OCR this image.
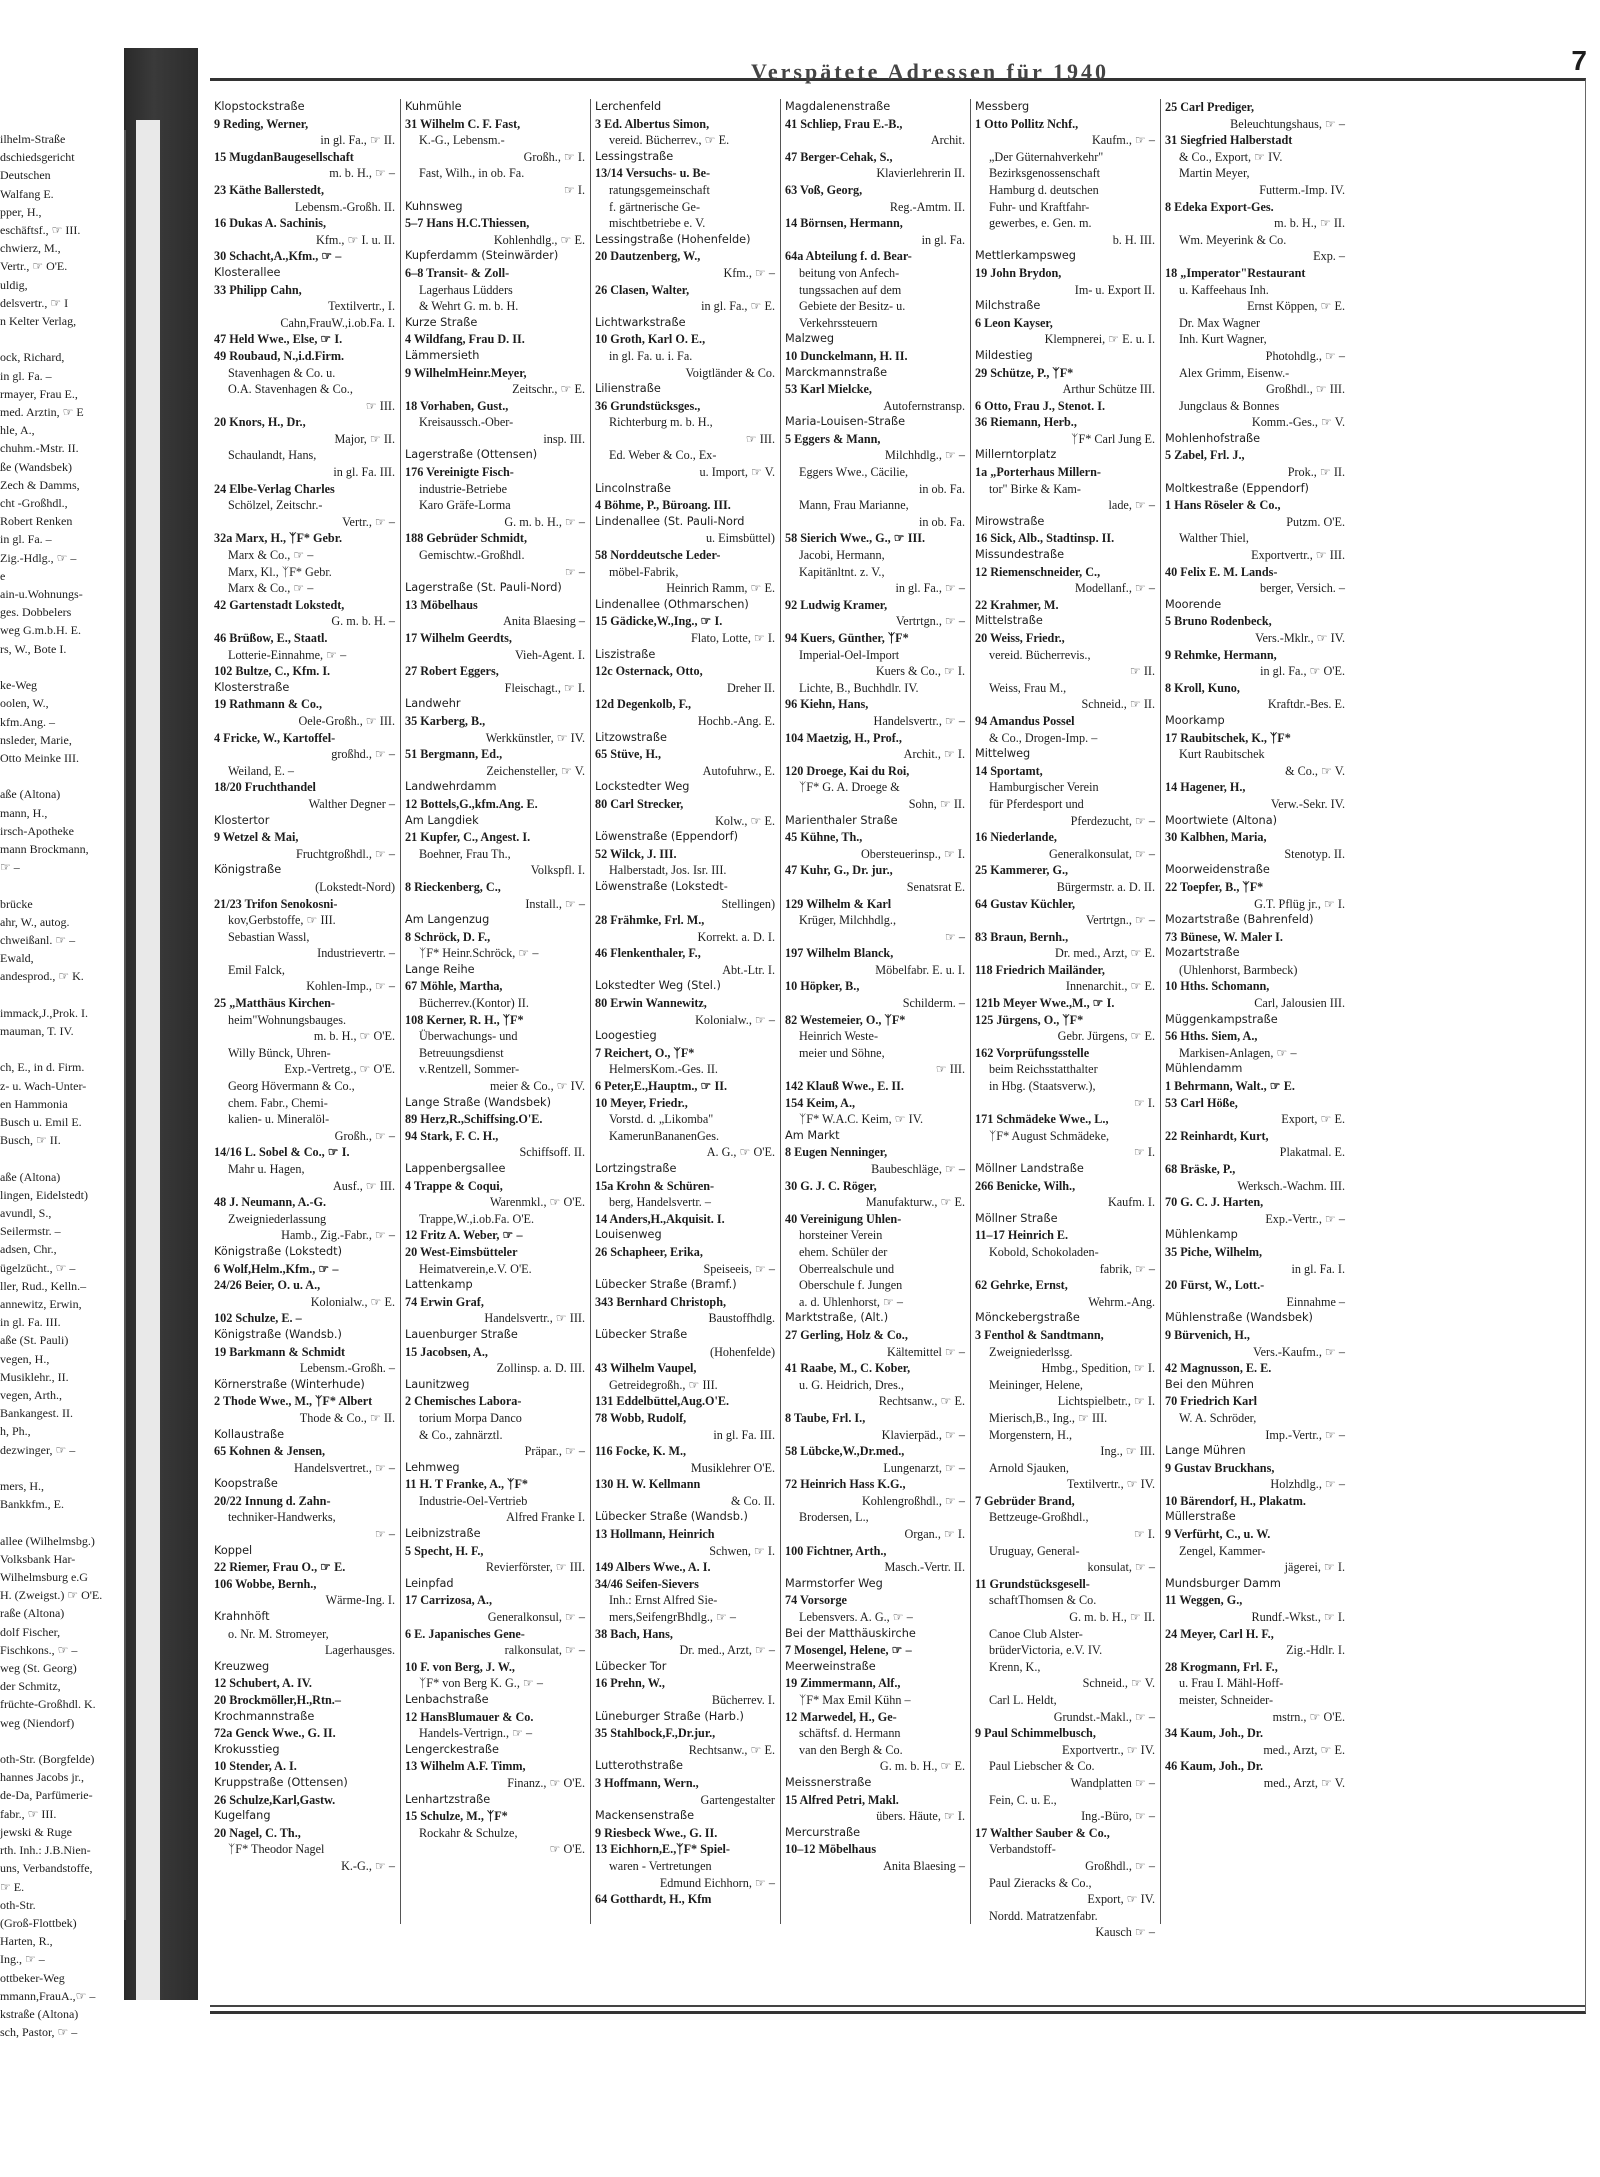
ilhelm-Straße
dschiedsgericht
Deutschen
Walfang E.
pper, H.,
eschäftsf., ☞ III.
chwierz, M.,
Vertr., ☞ O'E.
uldig,
delsvertr., ☞ I
n Kelter Verlag,

ock, Richard,
in gl. Fa. –
rmayer, Frau E.,
med. Arztin, ☞ E
hle, A.,
chuhm.-Mstr. II.
ße (Wandsbek)
Zech & Damms,
cht -Großhdl.,
Robert Renken
in gl. Fa. –
Zig.-Hdlg., ☞ –
e
ain-u.Wohnungs-
ges. Dobbelers
weg G.m.b.H. E.
rs, W., Bote I.

ke-Weg
oolen, W.,
kfm.Ang. –
nsleder, Marie,
Otto Meinke III.

aße (Altona)
mann, H.,
irsch-Apotheke
mann Brockmann,
☞ –

brücke
ahr, W., autog.
chweißanl. ☞ –
Ewald,
andesprod., ☞ K.

immack,J.,Prok. I.
mauman, T. IV.

ch, E., in d. Firm.
z- u. Wach-Unter-
en Hammonia
Busch u. Emil E.
Busch, ☞ II.

aße (Altona)
lingen, Eidelstedt)
avundl, S.,
Seilermstr. –
adsen, Chr.,
ügelzücht., ☞ –
ller, Rud., Kelln.–
annewitz, Erwin,
in gl. Fa. III.
aße (St. Pauli)
vegen, H.,
Musiklehr., II.
vegen, Arth.,
Bankangest. II.
h, Ph.,
dezwinger, ☞ –

mers, H.,
Bankkfm., E.

allee (Wilhelmsbg.)
Volksbank Har-
Wilhelmsburg e.G
H. (Zweigst.) ☞ O'E.
raße (Altona)
dolf Fischer,
Fischkons., ☞ –
weg (St. Georg)
der Schmitz,
früchte-Großhdl. K.
weg (Niendorf)

oth-Str. (Borgfelde)
hannes Jacobs jr.,
de-Da, Parfümerie-
fabr., ☞ III.
jewski & Ruge
rth. Inh.: J.B.Nien-
uns, Verbandstoffe,
☞ E.
oth-Str.
(Groß-Flottbek)
Harten, R.,
Ing., ☞ –
ottbeker-Weg
mmann,FrauA.,☞ –
kstraße (Altona)
sch, Pastor, ☞ –
Verspätete Adressen für 1940	7
Klopstockstraße
9 Reding, Werner,
in gl. Fa., ☞ II.
15 MugdanBaugesellschaft
m. b. H., ☞ –
23 Käthe Ballerstedt,
Lebensm.-Großh. II.
16 Dukas A. Sachinis,
Kfm., ☞ I. u. II.
30 Schacht,A.,Kfm., ☞ –
Klosterallee
33 Philipp Cahn,
Textilvertr., I.
Cahn,FrauW.,i.ob.Fa. I.
47 Held Wwe., Else, ☞ I.
49 Roubaud, N.,i.d.Firm.
Stavenhagen & Co. u.
O.A. Stavenhagen & Co.,
☞ III.
20 Knors, H., Dr.,
Major, ☞ II.
Schaulandt, Hans,
in gl. Fa. III.
24 Elbe-Verlag Charles
Schölzel, Zeitschr.-
Vertr., ☞ –
32a Marx, H., ᛉF* Gebr.
Marx & Co., ☞ –
Marx, Kl., ᛉF* Gebr.
Marx & Co., ☞ –
42 Gartenstadt Lokstedt,
G. m. b. H. –
46 Brüßow, E., Staatl.
Lotterie-Einnahme, ☞ –
102 Bultze, C., Kfm. I.
Klosterstraße
19 Rathmann & Co.,
Oele-Großh., ☞ III.
4 Fricke, W., Kartoffel-
großhd., ☞ –
Weiland, E. –
18/20 Fruchthandel
Walther Degner –
Klostertor
9 Wetzel & Mai,
Fruchtgroßhdl., ☞ –
Königstraße
(Lokstedt-Nord)
21/23 Trifon Senokosni-
kov,Gerbstoffe, ☞ III.
Sebastian Wassl,
Industrievertr. –
Emil Falck,
Kohlen-Imp., ☞ –
25 „Matthäus Kirchen-
heim"Wohnungsbauges.
m. b. H., ☞ O'E.
Willy Bünck, Uhren-
Exp.-Vertretg., ☞ O'E.
Georg Hövermann & Co.,
chem. Fabr., Chemi-
kalien- u. Mineralöl-
Großh., ☞ –
14/16 L. Sobel & Co., ☞ I.
Mahr u. Hagen,
Ausf., ☞ III.
48 J. Neumann, A.-G.
Zweigniederlassung
Hamb., Zig.-Fabr., ☞ –
Königstraße (Lokstedt)
6 Wolf,Helm.,Kfm., ☞ –
24/26 Beier, O. u. A.,
Kolonialw., ☞ E.
102 Schulze, E. –
Königstraße (Wandsb.)
19 Barkmann & Schmidt
Lebensm.-Großh. –
Körnerstraße (Winterhude)
2 Thode Wwe., M., ᛉF* Albert
Thode & Co., ☞ II.
Kollaustraße
65 Kohnen & Jensen,
Handelsvertret., ☞ –
Koopstraße
20/22 Innung d. Zahn-
techniker-Handwerks,
☞ –
Koppel
22 Riemer, Frau O., ☞ E.
106 Wobbe, Bernh.,
Wärme-Ing. I.
Krahnhöft
o. Nr. M. Stromeyer,
Lagerhausges.
Kreuzweg
12 Schubert, A. IV.
20 Brockmöller,H.,Rtn.–
Krochmannstraße
72a Genck Wwe., G. II.
Krokusstieg
10 Stender, A. I.
Kruppstraße (Ottensen)
26 Schulze,Karl,Gastw.
Kugelfang
20 Nagel, C. Th.,
ᛉF* Theodor Nagel
K.-G., ☞ –
Kuhmühle
31 Wilhelm C. F. Fast,
K.-G., Lebensm.-
Großh., ☞ I.
Fast, Wilh., in ob. Fa.
☞ I.
Kuhnsweg
5–7 Hans H.C.Thiessen,
Kohlenhdlg., ☞ E.
Kupferdamm (Steinwärder)
6–8 Transit- & Zoll-
Lagerhaus Lüdders
& Wehrt G. m. b. H.
Kurze Straße
4 Wildfang, Frau D. II.
Lämmersieth
9 WilhelmHeinr.Meyer,
Zeitschr., ☞ E.
18 Vorhaben, Gust.,
Kreisaussch.-Ober-
insp. III.
Lagerstraße (Ottensen)
176 Vereinigte Fisch-
industrie-Betriebe
Karo Gräfe-Lorma
G. m. b. H., ☞ –
188 Gebrüder Schmidt,
Gemischtw.-Großhdl.
☞ –
Lagerstraße (St. Pauli-Nord)
13 Möbelhaus
Anita Blaesing –
17 Wilhelm Geerdts,
Vieh-Agent. I.
27 Robert Eggers,
Fleischagt., ☞ I.
Landwehr
35 Karberg, B.,
Werkkünstler, ☞ IV.
51 Bergmann, Ed.,
Zeichensteller, ☞ V.
Landwehrdamm
12 Bottels,G.,kfm.Ang. E.
Am Langdiek
21 Kupfer, C., Angest. I.
Boehner, Frau Th.,
Volkspfl. I.
8 Rieckenberg, C.,
Install., ☞ –
Am Langenzug
8 Schröck, D. F.,
ᛉF* Heinr.Schröck, ☞ –
Lange Reihe
67 Möhle, Martha,
Bücherrev.(Kontor) II.
108 Kerner, R. H., ᛉF*
Überwachungs- und
Betreuungsdienst
v.Rentzell, Sommer-
meier & Co., ☞ IV.
Lange Straße (Wandsbek)
89 Herz,R.,Schiffsing.O'E.
94 Stark, F. C. H.,
Schiffsoff. II.
Lappenbergsallee
4 Trappe & Coqui,
Warenmkl., ☞ O'E.
Trappe,W.,i.ob.Fa. O'E.
12 Fritz A. Weber, ☞ –
20 West-Eimsbütteler
Heimatverein,e.V. O'E.
Lattenkamp
74 Erwin Graf,
Handelsvertr., ☞ III.
Lauenburger Straße
15 Jacobsen, A.,
Zollinsp. a. D. III.
Launitzweg
2 Chemisches Labora-
torium Morpa Danco
& Co., zahnärztl.
Präpar., ☞ –
Lehmweg
11 H. T Franke, A., ᛉF*
Industrie-Oel-Vertrieb
Alfred Franke I.
Leibnizstraße
5 Specht, H. F.,
Revierförster, ☞ III.
Leinpfad
17 Carrizosa, A.,
Generalkonsul, ☞ –
6 E. Japanisches Gene-
ralkonsulat, ☞ –
10 F. von Berg, J. W.,
ᛉF* von Berg K. G., ☞ –
Lenbachstraße
12 HansBlumauer & Co.
Handels-Vertrign., ☞ –
Lengerckestraße
13 Wilhelm A.F. Timm,
Finanz., ☞ O'E.
Lenhartzstraße
15 Schulze, M., ᛉF*
Rockahr & Schulze,
☞ O'E.
Lerchenfeld
3 Ed. Albertus Simon,
vereid. Bücherrev., ☞ E.
Lessingstraße
13/14 Versuchs- u. Be-
ratungsgemeinschaft
f. gärtnerische Ge-
mischtbetriebe e. V.
Lessingstraße (Hohenfelde)
20 Dautzenberg, W.,
Kfm., ☞ –
26 Clasen, Walter,
in gl. Fa., ☞ E.
Lichtwarkstraße
10 Groth, Karl O. E.,
in gl. Fa. u. i. Fa.
Voigtländer & Co.
Lilienstraße
36 Grundstücksges.,
Richterburg m. b. H.,
☞ III.
Ed. Weber & Co., Ex-
u. Import, ☞ V.
Lincolnstraße
4 Böhme, P., Büroang. III.
Lindenallee (St. Pauli-Nord
u. Eimsbüttel)
58 Norddeutsche Leder-
möbel-Fabrik,
Heinrich Ramm, ☞ E.
Lindenallee (Othmarschen)
15 Gädicke,W.,Ing., ☞ I.
Flato, Lotte, ☞ I.
Liszistraße
12c Osternack, Otto,
Dreher II.
12d Degenkolb, F.,
Hochb.-Ang. E.
Litzowstraße
65 Stüve, H.,
Autofuhrw., E.
Lockstedter Weg
80 Carl Strecker,
Kolw., ☞ E.
Löwenstraße (Eppendorf)
52 Wilck, J. III.
Halberstadt, Jos. Isr. III.
Löwenstraße (Lokstedt-
Stellingen)
28 Frähmke, Frl. M.,
Korrekt. a. D. I.
46 Flenkenthaler, F.,
Abt.-Ltr. I.
Lokstedter Weg (Stel.)
80 Erwin Wannewitz,
Kolonialw., ☞ –
Loogestieg
7 Reichert, O., ᛉF*
HelmersKom.-Ges. II.
6 Peter,E.,Hauptm., ☞ II.
10 Meyer, Friedr.,
Vorstd. d. „Likomba"
KamerunBananenGes.
A. G., ☞ O'E.
Lortzingstraße
15a Krohn & Schüren-
berg, Handelsvertr. –
14 Anders,H.,Akquisit. I.
Louisenweg
26 Schapheer, Erika,
Speiseeis, ☞ –
Lübecker Straße (Bramf.)
343 Bernhard Christoph,
Baustoffhdlg.
Lübecker Straße
(Hohenfelde)
43 Wilhelm Vaupel,
Getreidegroßh., ☞ III.
131 Eddelbüttel,Aug.O'E.
78 Wobb, Rudolf,
in gl. Fa. III.
116 Focke, K. M.,
Musiklehrer O'E.
130 H. W. Kellmann
& Co. II.
Lübecker Straße (Wandsb.)
13 Hollmann, Heinrich
Schwen, ☞ I.
149 Albers Wwe., A. I.
34/46 Seifen-Sievers
Inh.: Ernst Alfred Sie-
mers,SeifengrBhdlg., ☞ –
38 Bach, Hans,
Dr. med., Arzt, ☞ –
Lübecker Tor
16 Prehn, W.,
Bücherrev. I.
Lüneburger Straße (Harb.)
35 Stahlbock,F.,Dr.jur.,
Rechtsanw., ☞ E.
Lutterothstraße
3 Hoffmann, Wern.,
Gartengestalter
Mackensenstraße
9 Riesbeck Wwe., G. II.
13 Eichhorn,E.,ᛉF* Spiel-
waren - Vertretungen
Edmund Eichhorn, ☞ –
64 Gotthardt, H., Kfm
Magdalenenstraße
41 Schliep, Frau E.-B.,
Archit.
47 Berger-Cehak, S.,
Klavierlehrerin II.
63 Voß, Georg,
Reg.-Amtm. II.
14 Börnsen, Hermann,
in gl. Fa.
64a Abteilung f. d. Bear-
beitung von Anfech-
tungssachen auf dem
Gebiete der Besitz- u.
Verkehrssteuern
Malzweg
10 Dunckelmann, H. II.
Marckmannstraße
53 Karl Mielcke,
Autofernstransp.
Maria-Louisen-Straße
5 Eggers & Mann,
Milchhdlg., ☞ –
Eggers Wwe., Cäcilie,
in ob. Fa.
Mann, Frau Marianne,
in ob. Fa.
58 Sierich Wwe., G., ☞ III.
Jacobi, Hermann,
Kapitänltnt. z. V.,
in gl. Fa., ☞ –
92 Ludwig Kramer,
Vertrtgn., ☞ –
94 Kuers, Günther, ᛉF*
Imperial-Oel-Import
Kuers & Co., ☞ I.
Lichte, B., Buchhdlr. IV.
96 Kiehn, Hans,
Handelsvertr., ☞ –
104 Maetzig, H., Prof.,
Archit., ☞ I.
120 Droege, Kai du Roi,
ᛉF* G. A. Droege &
Sohn, ☞ II.
Marienthaler Straße
45 Kühne, Th.,
Obersteuerinsp., ☞ I.
47 Kuhr, G., Dr. jur.,
Senatsrat E.
129 Wilhelm & Karl
Krüger, Milchhdlg.,
☞ –
197 Wilhelm Blanck,
Möbelfabr. E. u. I.
10 Höpker, B.,
Schilderm. –
82 Westemeier, O., ᛉF*
Heinrich Weste-
meier und Söhne,
☞ III.
142 Klauß Wwe., E. II.
154 Keim, A.,
ᛉF* W.A.C. Keim, ☞ IV.
Am Markt
8 Eugen Nenninger,
Baubeschläge, ☞ –
30 G. J. C. Röger,
Manufakturw., ☞ E.
40 Vereinigung Uhlen-
horsteiner Verein
ehem. Schüler der
Oberrealschule und
Oberschule f. Jungen
a. d. Uhlenhorst, ☞ –
Marktstraße, (Alt.)
27 Gerling, Holz & Co.,
Kältemittel ☞ –
41 Raabe, M., C. Kober,
u. G. Heidrich, Dres.,
Rechtsanw., ☞ E.
8 Taube, Frl. I.,
Klavierpäd., ☞ –
58 Lübcke,W.,Dr.med.,
Lungenarzt, ☞ –
72 Heinrich Hass K.G.,
Kohlengroßhdl., ☞ –
Brodersen, L.,
Organ., ☞ I.
100 Fichtner, Arth.,
Masch.-Vertr. II.
Marmstorfer Weg
74 Vorsorge
Lebensvers. A. G., ☞ –
Bei der Matthäuskirche
7 Mosengel, Helene, ☞ –
Meerweinstraße
19 Zimmermann, Alf.,
ᛉF* Max Emil Kühn –
12 Marwedel, H., Ge-
schäftsf. d. Hermann
van den Bergh & Co.
G. m. b. H., ☞ E.
Meissnerstraße
15 Alfred Petri, Makl.
übers. Häute, ☞ I.
Mercurstraße
10–12 Möbelhaus
Anita Blaesing –
Messberg
1 Otto Pollitz Nchf.,
Kaufm., ☞ –
„Der Güternahverkehr"
Bezirksgenossenschaft
Hamburg d. deutschen
Fuhr- und Kraftfahr-
gewerbes, e. Gen. m.
b. H. III.
Mettlerkampsweg
19 John Brydon,
Im- u. Export II.
Milchstraße
6 Leon Kayser,
Klempnerei, ☞ E. u. I.
Mildestieg
29 Schütze, P., ᛉF*
Arthur Schütze III.
6 Otto, Frau J., Stenot. I.
36 Riemann, Herb.,
ᛉF* Carl Jung E.
Millerntorplatz
1a „Porterhaus Millern-
tor" Birke & Kam-
lade, ☞ –
Mirowstraße
16 Sick, Alb., Stadtinsp. II.
Missundestraße
12 Riemenschneider, C.,
Modellanf., ☞ –
22 Krahmer, M.
Mittelstraße
20 Weiss, Friedr.,
vereid. Bücherrevis.,
☞ II.
Weiss, Frau M.,
Schneid., ☞ II.
94 Amandus Possel
& Co., Drogen-Imp. –
Mittelweg
14 Sportamt,
Hamburgischer Verein
für Pferdesport und
Pferdezucht, ☞ –
16 Niederlande,
Generalkonsulat, ☞ –
25 Kammerer, G.,
Bürgermstr. a. D. II.
64 Gustav Küchler,
Vertrtgn., ☞ –
83 Braun, Bernh.,
Dr. med., Arzt, ☞ E.
118 Friedrich Mailänder,
Innenarchit., ☞ E.
121b Meyer Wwe.,M., ☞ I.
125 Jürgens, O., ᛉF*
Gebr. Jürgens, ☞ E.
162 Vorprüfungsstelle
beim Reichsstatthalter
in Hbg. (Staatsverw.),
☞ I.
171 Schmädeke Wwe., L.,
ᛉF* August Schmädeke,
☞ I.
Möllner Landstraße
266 Benicke, Wilh.,
Kaufm. I.
Möllner Straße
11–17 Heinrich E.
Kobold, Schokoladen-
fabrik, ☞ –
62 Gehrke, Ernst,
Wehrm.-Ang.
Mönckebergstraße
3 Fenthol & Sandtmann,
Zweigniederlssg.
Hmbg., Spedition, ☞ I.
Meininger, Helene,
Lichtspielbetr., ☞ I.
Mierisch,B., Ing., ☞ III.
Morgenstern, H.,
Ing., ☞ III.
Arnold Sjauken,
Textilvertr., ☞ IV.
7 Gebrüder Brand,
Bettzeuge-Großhdl.,
☞ I.
Uruguay, General-
konsulat, ☞ –
11 Grundstücksgesell-
schaftThomsen & Co.
G. m. b. H., ☞ II.
Canoe Club Alster-
brüderVictoria, e.V. IV.
Krenn, K.,
Schneid., ☞ V.
Carl L. Heldt,
Grundst.-Makl., ☞ –
9 Paul Schimmelbusch,
Exportvertr., ☞ IV.
Paul Liebscher & Co.
Wandplatten ☞ –
Fein, C. u. E.,
Ing.-Büro, ☞ –
17 Walther Sauber & Co.,
Verbandstoff-
Großhdl., ☞ –
Paul Zieracks & Co.,
Export, ☞ IV.
Nordd. Matratzenfabr.
Kausch ☞ –
25 Carl Prediger,
Beleuchtungshaus, ☞ –
31 Siegfried Halberstadt
& Co., Export, ☞ IV.
Martin Meyer,
Futterm.-Imp. IV.
8 Edeka Export-Ges.
m. b. H., ☞ II.
Wm. Meyerink & Co.
Exp. –
18 „Imperator"Restaurant
u. Kaffeehaus Inh.
Ernst Köppen, ☞ E.
Dr. Max Wagner
Inh. Kurt Wagner,
Photohdlg., ☞ –
Alex Grimm, Eisenw.-
Großhdl., ☞ III.
Jungclaus & Bonnes
Komm.-Ges., ☞ V.
Mohlenhofstraße
5 Zabel, Frl. J.,
Prok., ☞ II.
Moltkestraße (Eppendorf)
1 Hans Röseler & Co.,
Putzm. O'E.
Walther Thiel,
Exportvertr., ☞ III.
40 Felix E. M. Lands-
berger, Versich. –
Moorende
5 Bruno Rodenbeck,
Vers.-Mklr., ☞ IV.
9 Rehmke, Hermann,
in gl. Fa., ☞ O'E.
8 Kroll, Kuno,
Kraftdr.-Bes. E.
Moorkamp
17 Raubitschek, K., ᛉF*
Kurt Raubitschek
& Co., ☞ V.
14 Hagener, H.,
Verw.-Sekr. IV.
Moortwiete (Altona)
30 Kalbhen, Maria,
Stenotyp. II.
Moorweidenstraße
22 Toepfer, B., ᛉF*
G.T. Pflüg jr., ☞ I.
Mozartstraße (Bahrenfeld)
73 Bünese, W. Maler I.
Mozartstraße
(Uhlenhorst, Barmbeck)
10 Hths. Schomann,
Carl, Jalousien III.
Müggenkampstraße
56 Hths. Siem, A.,
Markisen-Anlagen, ☞ –
Mühlendamm
1 Behrmann, Walt., ☞ E.
53 Carl Höße,
Export, ☞ E.
22 Reinhardt, Kurt,
Plakatmal. E.
68 Bräske, P.,
Werksch.-Wachm. III.
70 G. C. J. Harten,
Exp.-Vertr., ☞ –
Mühlenkamp
35 Piche, Wilhelm,
in gl. Fa. I.
20 Fürst, W., Lott.-
Einnahme –
Mühlenstraße (Wandsbek)
9 Bürvenich, H.,
Vers.-Kaufm., ☞ –
42 Magnusson, E. E.
Bei den Mühren
70 Friedrich Karl
W. A. Schröder,
Imp.-Vertr., ☞ –
Lange Mühren
9 Gustav Bruckhans,
Holzhdlg., ☞ –
10 Bärendorf, H., Plakatm.
Müllerstraße
9 Verfürht, C., u. W.
Zengel, Kammer-
jägerei, ☞ I.
Mundsburger Damm
11 Weggen, G.,
Rundf.-Wkst., ☞ I.
24 Meyer, Carl H. F.,
Zig.-Hdlr. I.
28 Krogmann, Frl. F.,
u. Frau I. Mähl-Hoff-
meister, Schneider-
mstrn., ☞ O'E.
34 Kaum, Joh., Dr.
med., Arzt, ☞ E.
46 Kaum, Joh., Dr.
med., Arzt, ☞ V.
